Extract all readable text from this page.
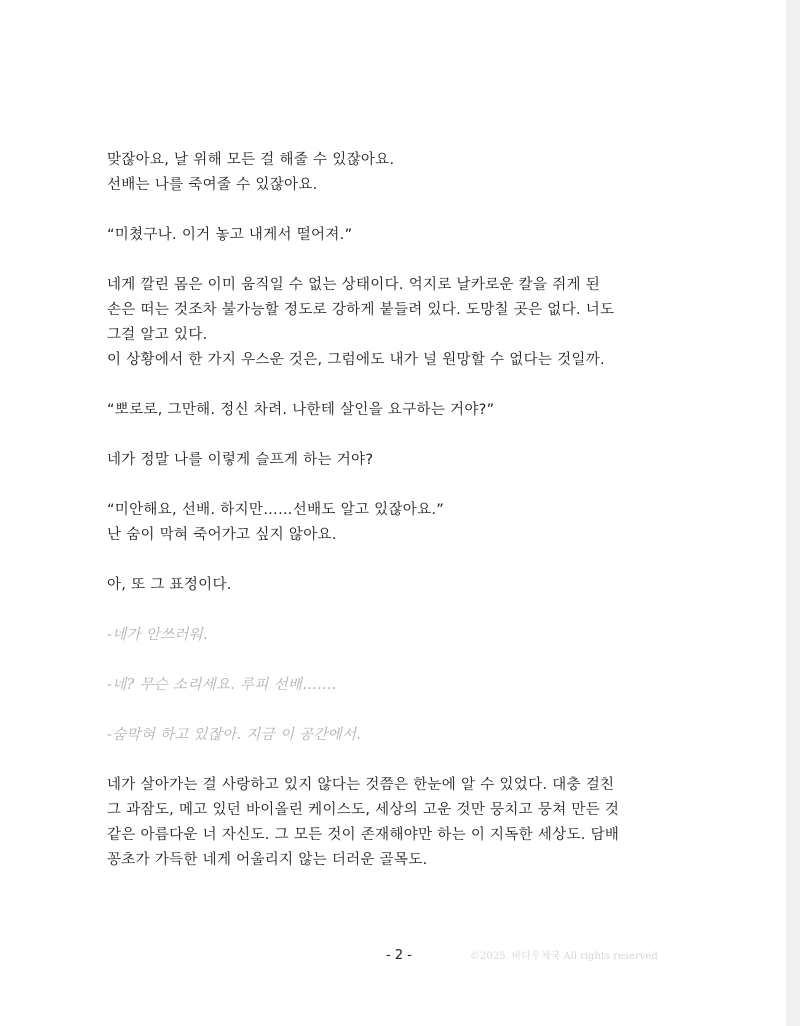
맞잖아요, 날 위해 모든 걸 해줄 수 있잖아요.
선배는 나를 죽여줄 수 있잖아요.
“미쳤구나. 이거 놓고 내게서 떨어져.”
네게 깔린 몸은 이미 움직일 수 없는 상태이다. 억지로 날카로운 칼을 쥐게 된
손은 떠는 것조차 불가능할 정도로 강하게 붙들려 있다. 도망칠 곳은 없다. 너도
그걸 알고 있다.
이 상황에서 한 가지 우스운 것은, 그럼에도 내가 널 원망할 수 없다는 것일까.
“뽀로로, 그만해. 정신 차려. 나한테 살인을 요구하는 거야?”
네가 정말 나를 이렇게 슬프게 하는 거야?
“미안해요, 선배. 하지만……선배도 알고 있잖아요.”
난 숨이 막혀 죽어가고 싶지 않아요.
아, 또 그 표정이다.
-네가 안쓰러워.
-네? 무슨 소리세요. 루피 선배…….
-숨막혀 하고 있잖아. 지금 이 공간에서.
네가 살아가는 걸 사랑하고 있지 않다는 것쯤은 한눈에 알 수 있었다. 대충 걸친
그 과잠도, 메고 있던 바이올린 케이스도, 세상의 고운 것만 뭉치고 뭉쳐 만든 것
같은 아름다운 너 자신도. 그 모든 것이 존재해야만 하는 이 지독한 세상도. 담배
꽁초가 가득한 네게 어울리지 않는 더러운 골목도.
- 2 -	©2025. 바다우체국 All rights reserved
